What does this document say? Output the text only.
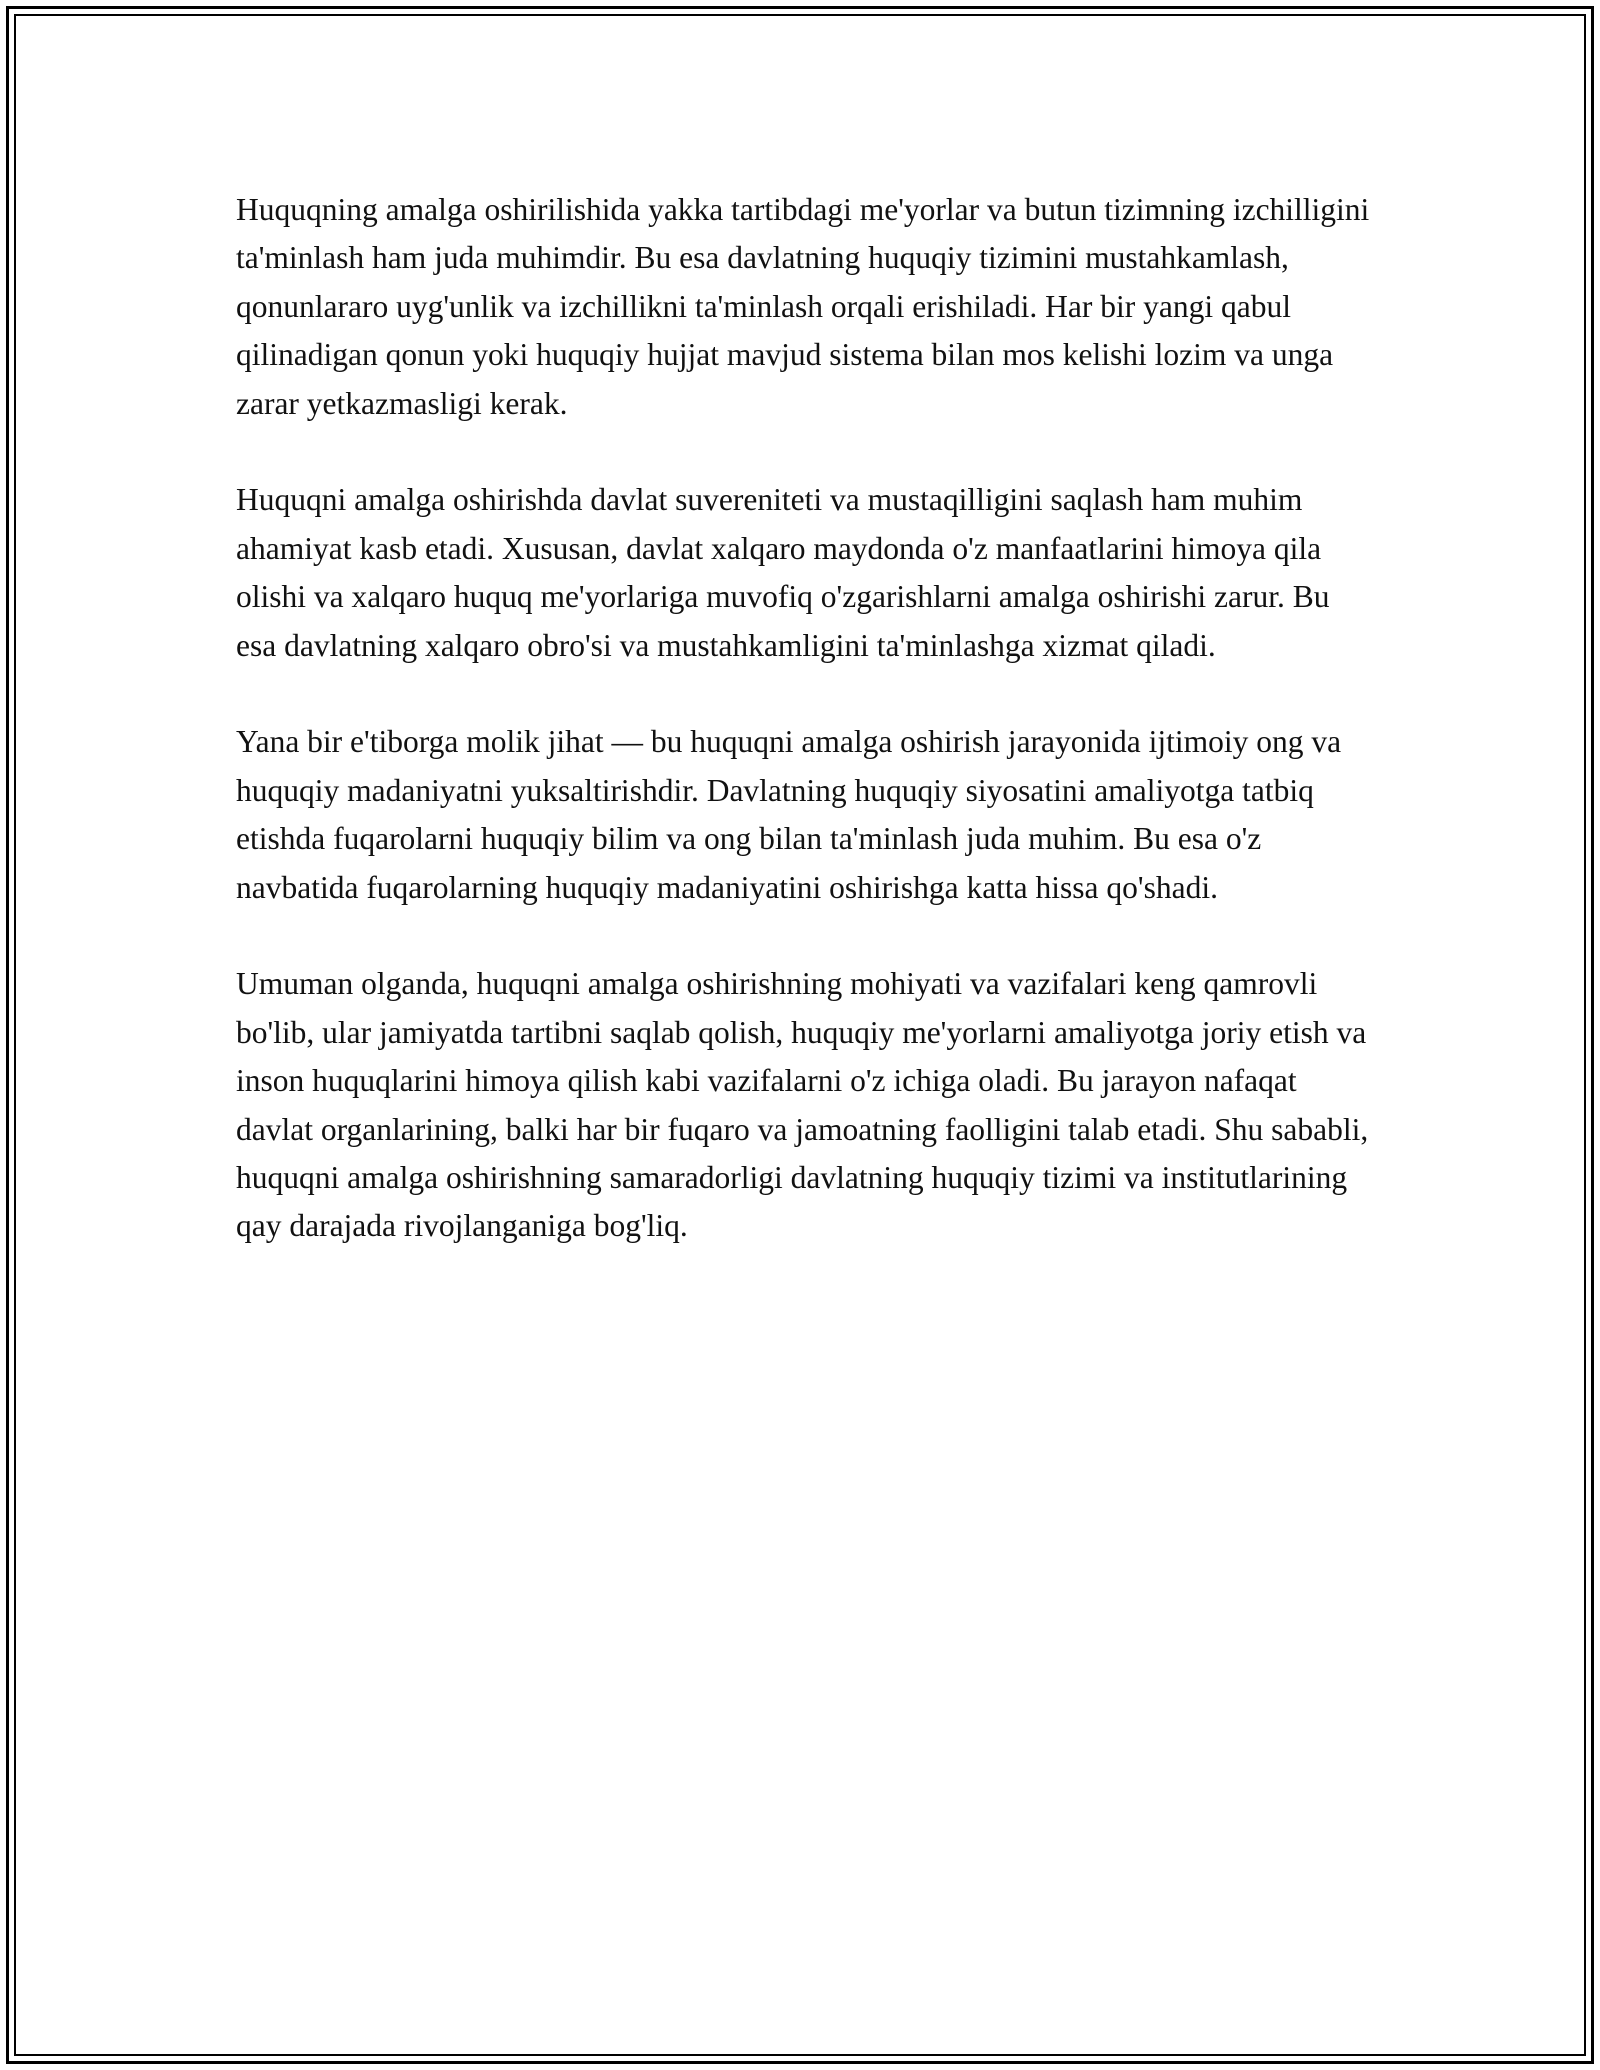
Huquqning amalga oshirilishida yakka tartibdagi me'yorlar va butun tizimning izchilligini ta'minlash ham juda muhimdir. Bu esa davlatning huquqiy tizimini mustahkamlash, qonunlararo uyg'unlik va izchillikni ta'minlash orqali erishiladi. Har bir yangi qabul qilinadigan qonun yoki huquqiy hujjat mavjud sistema bilan mos kelishi lozim va unga zarar yetkazmasligi kerak.

Huquqni amalga oshirishda davlat suvereniteti va mustaqilligini saqlash ham muhim ahamiyat kasb etadi. Xususan, davlat xalqaro maydonda o'z manfaatlarini himoya qila olishi va xalqaro huquq me'yorlariga muvofiq o'zgarishlarni amalga oshirishi zarur. Bu esa davlatning xalqaro obro'si va mustahkamligini ta'minlashga xizmat qiladi.

Yana bir e'tiborga molik jihat — bu huquqni amalga oshirish jarayonida ijtimoiy ong va huquqiy madaniyatni yuksaltirishdir. Davlatning huquqiy siyosatini amaliyotga tatbiq etishda fuqarolarni huquqiy bilim va ong bilan ta'minlash juda muhim. Bu esa o'z navbatida fuqarolarning huquqiy madaniyatini oshirishga katta hissa qo'shadi.

Umuman olganda, huquqni amalga oshirishning mohiyati va vazifalari keng qamrovli bo'lib, ular jamiyatda tartibni saqlab qolish, huquqiy me'yorlarni amaliyotga joriy etish va inson huquqlarini himoya qilish kabi vazifalarni o'z ichiga oladi. Bu jarayon nafaqat davlat organlarining, balki har bir fuqaro va jamoatning faolligini talab etadi. Shu sababli, huquqni amalga oshirishning samaradorligi davlatning huquqiy tizimi va institutlarining qay darajada rivojlanganiga bog'liq.
